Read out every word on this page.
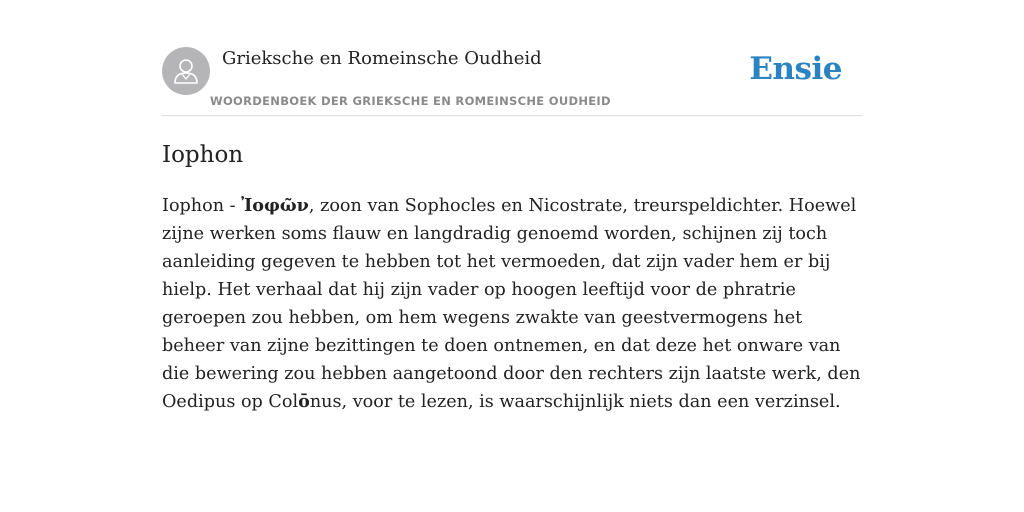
Grieksche en Romeinsche Oudheid
WOORDENBOEK DER GRIEKSCHE EN ROMEINSCHE OUDHEID
Ensie
Iophon

Iophon - Ἰοφῶν, zoon van Sophocles en Nicostrate, treurspeldichter. Hoewel zijne werken soms flauw en langdradig genoemd worden, schijnen zij toch aanleiding gegeven te hebben tot het vermoeden, dat zijn vader hem er bij hielp. Het verhaal dat hij zijn vader op hoogen leeftijd voor de phratrie geroepen zou hebben, om hem wegens zwakte van geestvermogens het beheer van zijne bezittingen te doen ontnemen, en dat deze het onware van die bewering zou hebben aangetoond door den rechters zijn laatste werk, den Oedipus op Colōnus, voor te lezen, is waarschijnlijk niets dan een verzinsel.
